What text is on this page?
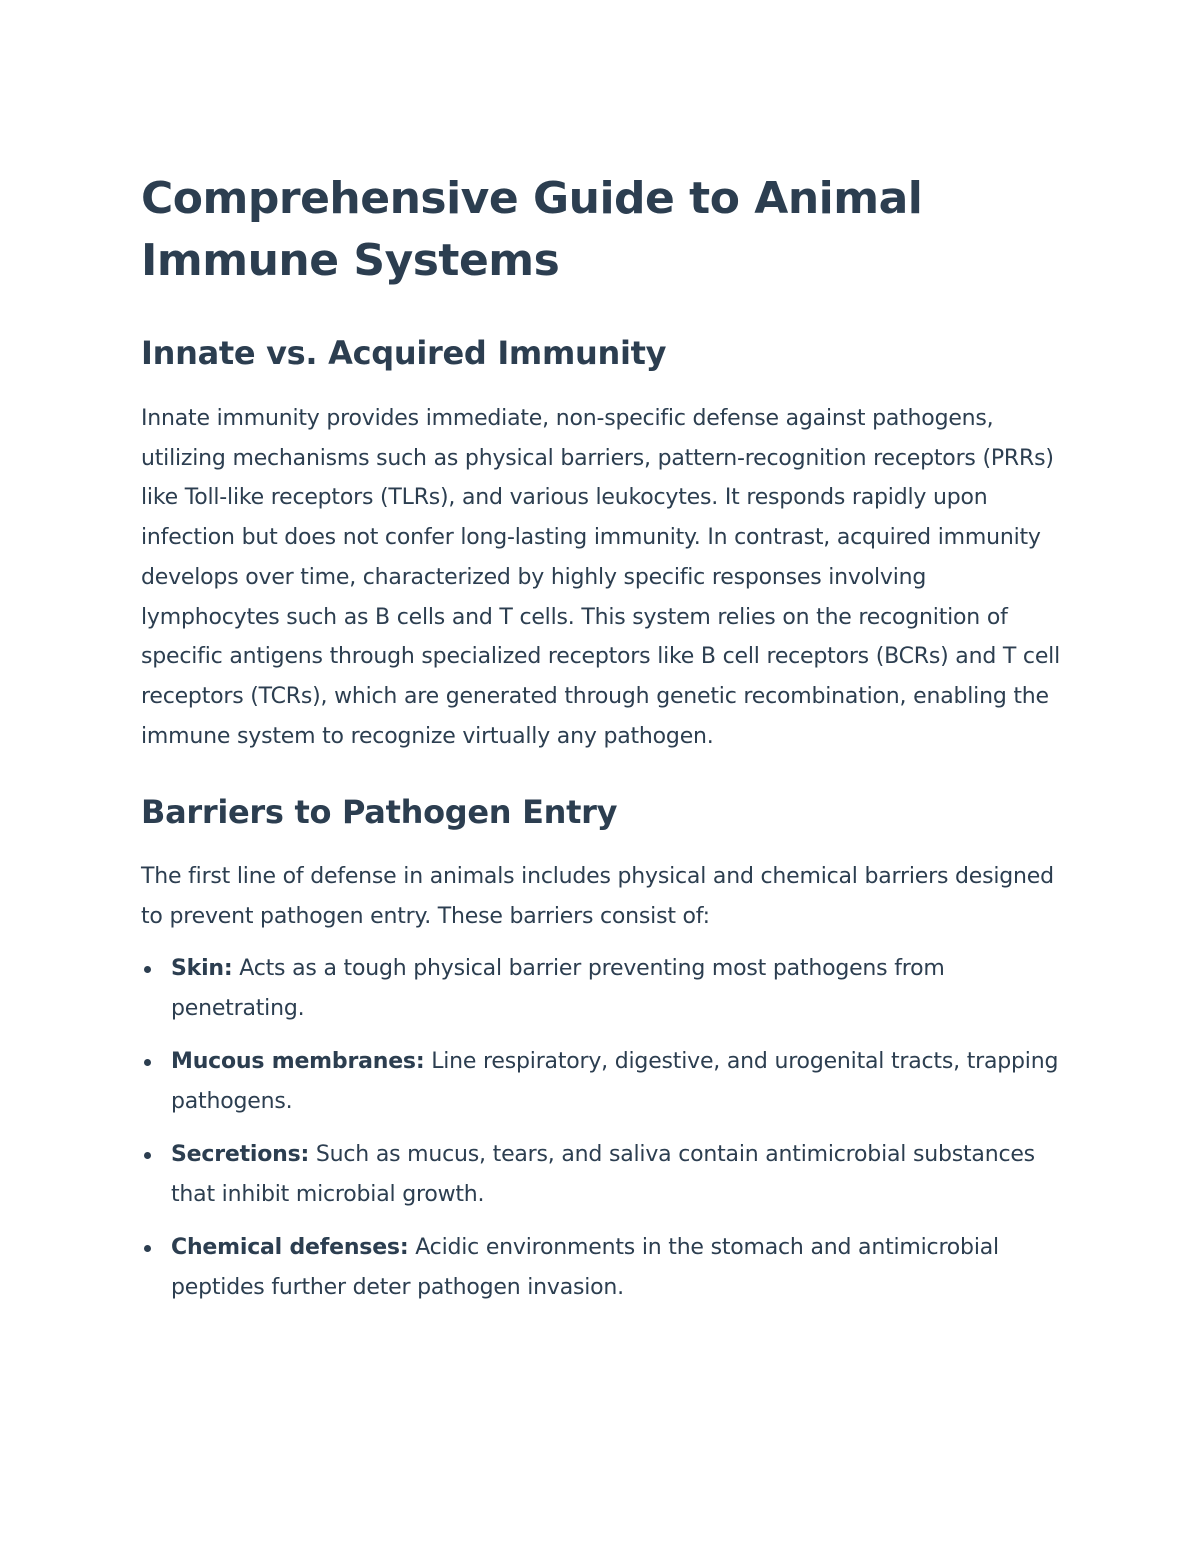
Comprehensive Guide to Animal Immune Systems
Innate vs. Acquired Immunity

Innate immunity provides immediate, non-specific defense against pathogens, utilizing mechanisms such as physical barriers, pattern-recognition receptors (PRRs) like Toll-like receptors (TLRs), and various leukocytes. It responds rapidly upon infection but does not confer long-lasting immunity. In contrast, acquired immunity develops over time, characterized by highly specific responses involving lymphocytes such as B cells and T cells. This system relies on the recognition of specific antigens through specialized receptors like B cell receptors (BCRs) and T cell receptors (TCRs), which are generated through genetic recombination, enabling the immune system to recognize virtually any pathogen.

Barriers to Pathogen Entry

The first line of defense in animals includes physical and chemical barriers designed to prevent pathogen entry. These barriers consist of:

Skin: Acts as a tough physical barrier preventing most pathogens from penetrating.
Mucous membranes: Line respiratory, digestive, and urogenital tracts, trapping pathogens.
Secretions: Such as mucus, tears, and saliva contain antimicrobial substances that inhibit microbial growth.
Chemical defenses: Acidic environments in the stomach and antimicrobial peptides further deter pathogen invasion.
